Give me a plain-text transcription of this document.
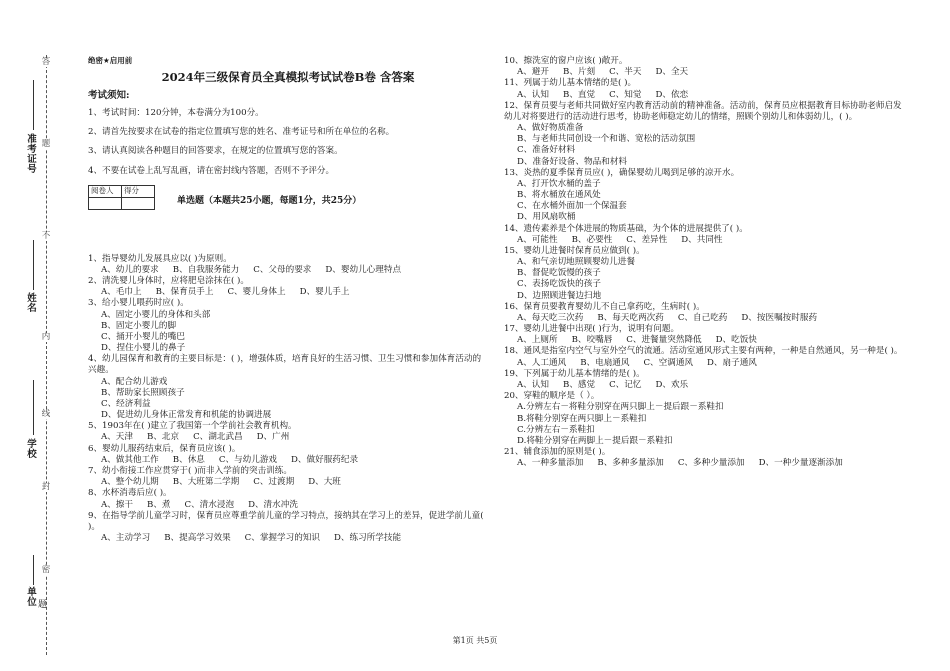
答
题
不
内
线
封
密
准考证号
姓名
学校
单位 题
绝密★启用前
2024年三级保育员全真模拟考试试卷B卷 含答案
考试须知:
1、考试时间：120分钟，本卷满分为100分。
2、请首先按要求在试卷的指定位置填写您的姓名、准考证号和所在单位的名称。
3、请认真阅读各种题目的回答要求，在规定的位置填写您的答案。
4、不要在试卷上乱写乱画，请在密封线内答题，否则不予评分。
阅卷人	得分

单选题（本题共25小题，每题1分，共25分）
1、指导婴幼儿发展具应以( )为原则。
A、幼儿的要求 B、自我服务能力 C、父母的要求 D、婴幼儿心理特点
2、清洗婴儿身体时，应将肥皂涂抹在( )。
A、毛巾上 B、保育员手上 C、婴儿身体上 D、婴儿手上
3、给小婴儿喂药时应( )。
A、固定小婴儿的身体和头部
B、固定小婴儿的脚
C、捅开小婴儿的嘴巴
D、捏住小婴儿的鼻子
4、幼儿园保育和教育的主要目标是：( )，增强体质，培育良好的生活习惯、卫生习惯和参加体育活动的兴趣。
A、配合幼儿游戏B、帮助家长照顾孩子
C、经济利益D、促进幼儿身体正常发育和机能的协调进展
5、1903年在( )建立了我国第一个学前社会教育机构。
A、天津 B、北京 C、湖北武昌 D、广州
6、婴幼儿服药结束后，保育员应该( )。
A、做其他工作 B、休息 C、与幼儿游戏 D、做好服药纪录
7、幼小衔接工作应贯穿于( )而非入学前的突击训练。
A、整个幼儿期 B、大班第二学期 C、过渡期 D、大班
8、水杯消毒后应( )。
A、擦干 B、煮 C、清水浸泡 D、清水冲洗
9、在指导学前儿童学习时，保育员应尊重学前儿童的学习特点，接纳其在学习上的差异，促进学前儿童( )。
A、主动学习 B、提高学习效果 C、掌握学习的知识 D、练习所学技能
10、擦洗室的窗户应该( )敞开。
A、避开 B、片刻 C、半天 D、全天
11、列属于幼儿基本情绪的是( )。
A、认知 B、直觉 C、知觉 D、依恋
12、保育员要与老师共同做好室内教育活动前的精神准备。活动前，保育员应根据教育目标协助老师启发幼儿对将要进行的活动进行思考，协助老师稳定幼儿的情绪，照顾个别幼儿和体弱幼儿，( )。
A、做好物质准备
B、与老师共同创设一个和谐、宽松的活动氛围
C、准备好材料
D、准备好设备、物品和材料
13、炎热的夏季保育员应( )，确保婴幼儿喝到足够的凉开水。
A、打开饮水桶的盖子
B、将水桶放在通风处
C、在水桶外面加一个保温套
D、用风扇吹桶
14、遗传素养是个体进展的物质基础，为个体的进展提供了( )。
A、可能性 B、必要性 C、差异性 D、共同性
15、婴幼儿进餐时保育员应做到( )。
A、和气亲切地照顾婴幼儿进餐
B、督促吃饭慢的孩子
C、表扬吃饭快的孩子
D、边照顾进餐边扫地
16、保育员要教育婴幼儿不自己拿药吃，生病时( )。
A、每天吃三次药 B、每天吃两次药 C、自己吃药 D、按医嘱按时服药
17、婴幼儿进餐中出现( )行为，说明有问题。
A、上厕所 B、咬嘴唇 C、进餐量突然降低 D、吃饭快
18、通风是指室内空气与室外空气的流通。活动室通风形式主要有两种，一种是自然通风，另一种是( )。
A、人工通风 B、电扇通风 C、空调通风 D、扇子通风
19、下列属于幼儿基本情绪的是( )。
A、认知 B、感觉 C、记忆 D、欢乐
20、穿鞋的顺序是（ ）。
A.分辨左右－将鞋分别穿在两只脚上－提后跟－系鞋扣
B.将鞋分别穿在两只脚上－系鞋扣
C.分辨左右－系鞋扣
D.将鞋分别穿在两脚上－提后跟－系鞋扣
21、辅食添加的原则是( )。
A、一种多量添加 B、多种多量添加 C、多种少量添加 D、一种少量逐渐添加
第1页 共5页
